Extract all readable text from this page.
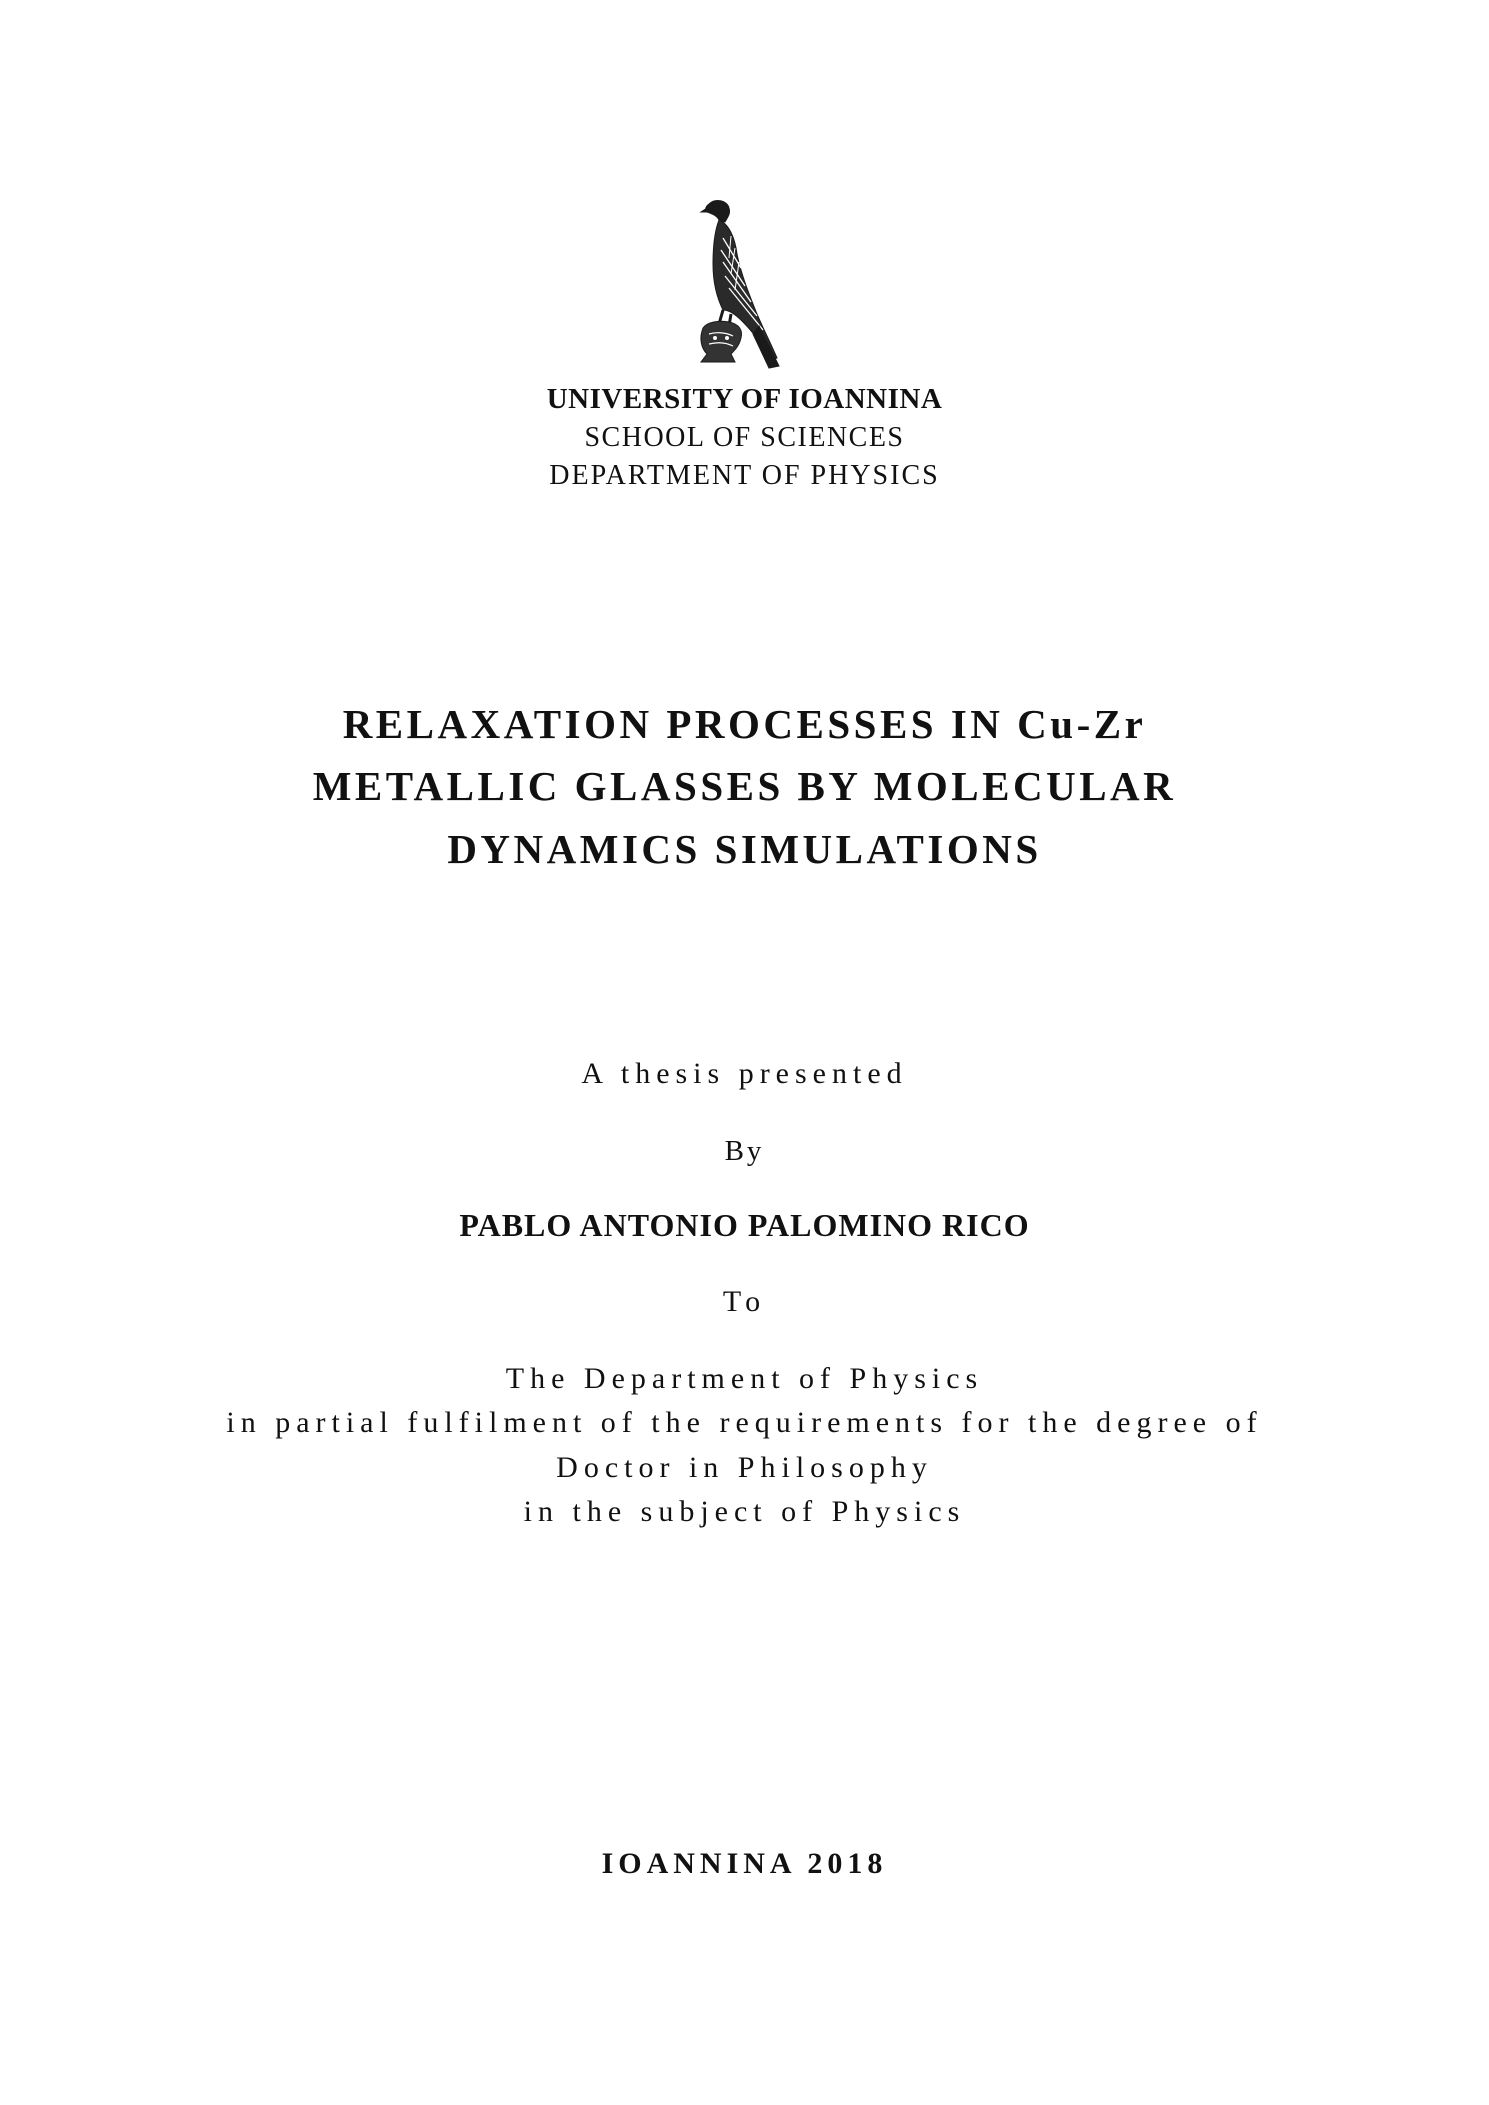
UNIVERSITY OF IOANNINA
SCHOOL OF SCIENCES
DEPARTMENT OF PHYSICS
RELAXATION PROCESSES IN Cu-Zr
METALLIC GLASSES BY MOLECULAR
DYNAMICS SIMULATIONS
A thesis presented
By
PABLO ANTONIO PALOMINO RICO
To
The Department of Physics
in partial fulfilment of the requirements for the degree of
Doctor in Philosophy
in the subject of Physics
IOANNINA 2018
